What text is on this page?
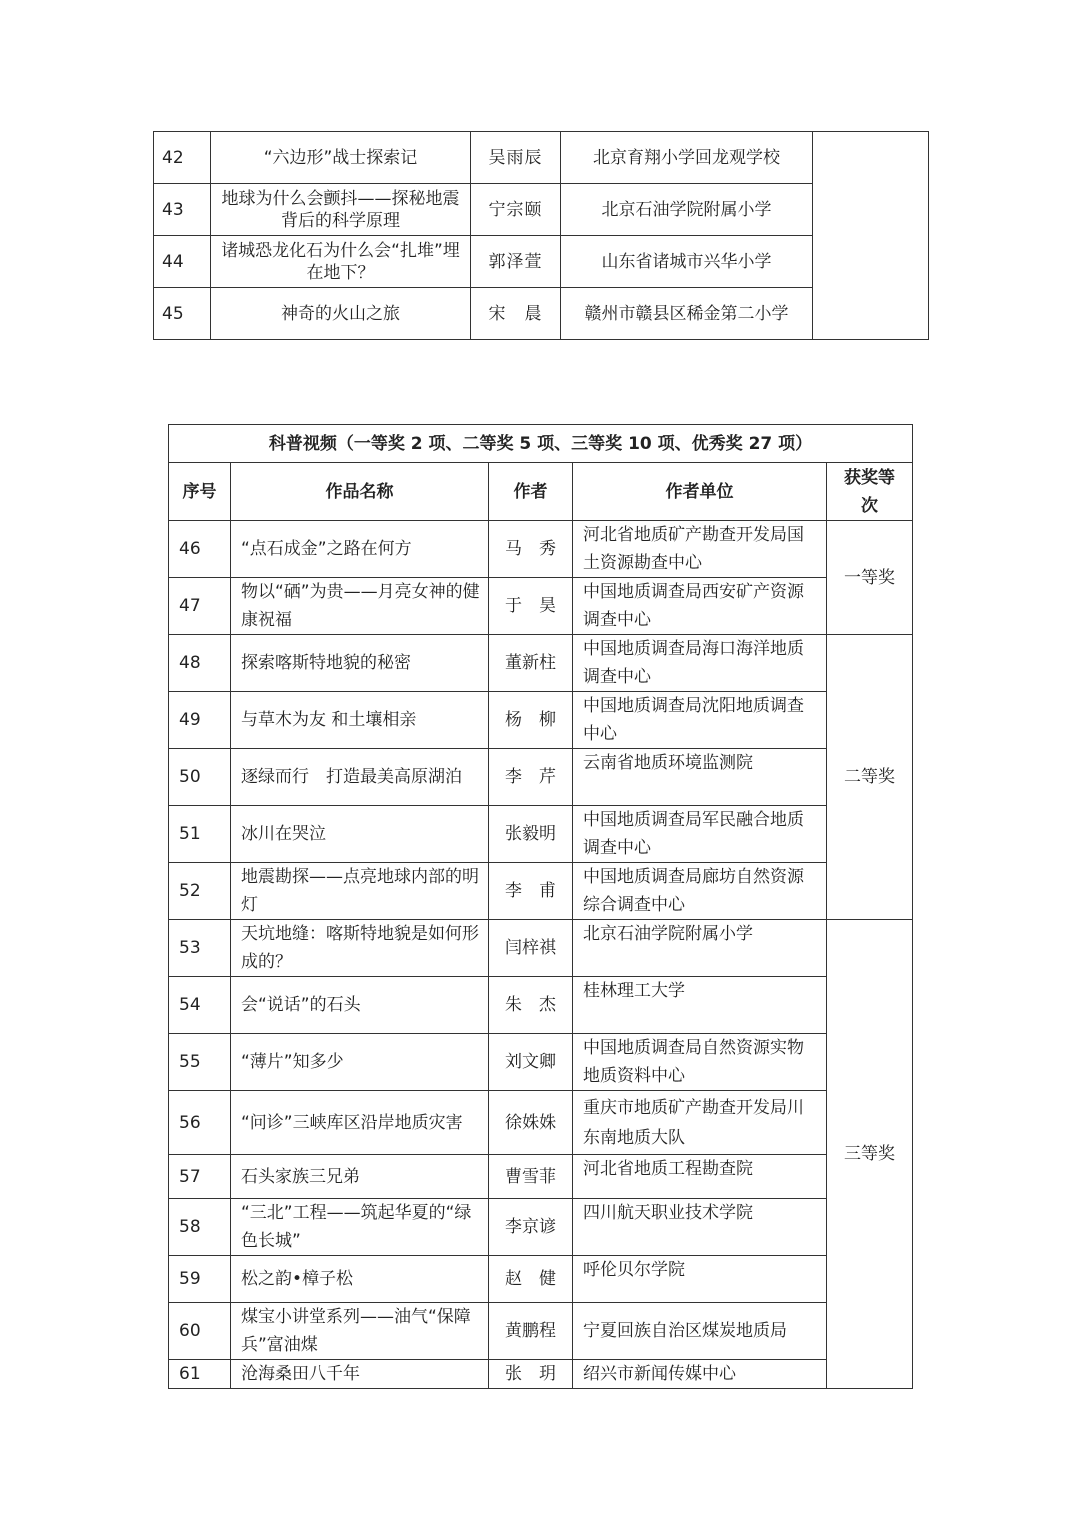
42	“六边形”战士探索记	吴雨辰	北京育翔小学回龙观学校	
43	地球为什么会颤抖——探秘地震背后的科学原理	宁宗颐	北京石油学院附属小学	
44	诸城恐龙化石为什么会“扎堆”埋在地下？	郭泽萱	山东省诸城市兴华小学	
45	神奇的火山之旅	宋　晨	赣州市赣县区稀金第二小学	
科普视频（一等奖 2 项、二等奖 5 项、三等奖 10 项、优秀奖 27 项）				
序号	作品名称	作者	作者单位	获奖等次
46	“点石成金”之路在何方	马　秀	河北省地质矿产勘查开发局国土资源勘查中心	一等奖
47	物以“硒”为贵——月亮女神的健康祝福	于　昊	中国地质调查局西安矿产资源调查中心	
48	探索喀斯特地貌的秘密	董新柱	中国地质调查局海口海洋地质调查中心	二等奖
49	与草木为友 和土壤相亲	杨　柳	中国地质调查局沈阳地质调查中心	
50	逐绿而行　打造最美高原湖泊	李　芹	云南省地质环境监测院	
51	冰川在哭泣	张毅明	中国地质调查局军民融合地质调查中心	
52	地震勘探——点亮地球内部的明灯	李　甫	中国地质调查局廊坊自然资源综合调查中心	
53	天坑地缝：喀斯特地貌是如何形成的？	闫梓祺	北京石油学院附属小学	三等奖
54	会“说话”的石头	朱　杰	桂林理工大学	
55	“薄片”知多少	刘文卿	中国地质调查局自然资源实物地质资料中心	
56	“问诊”三峡库区沿岸地质灾害	徐姝姝	重庆市地质矿产勘查开发局川东南地质大队	
57	石头家族三兄弟	曹雪菲	河北省地质工程勘查院	
58	“三北”工程——筑起华夏的“绿色长城”	李京谚	四川航天职业技术学院	
59	松之韵•樟子松	赵　健	呼伦贝尔学院	
60	煤宝小讲堂系列——油气“保障兵”富油煤	黄鹏程	宁夏回族自治区煤炭地质局	
61	沧海桑田八千年	张　玥	绍兴市新闻传媒中心	
